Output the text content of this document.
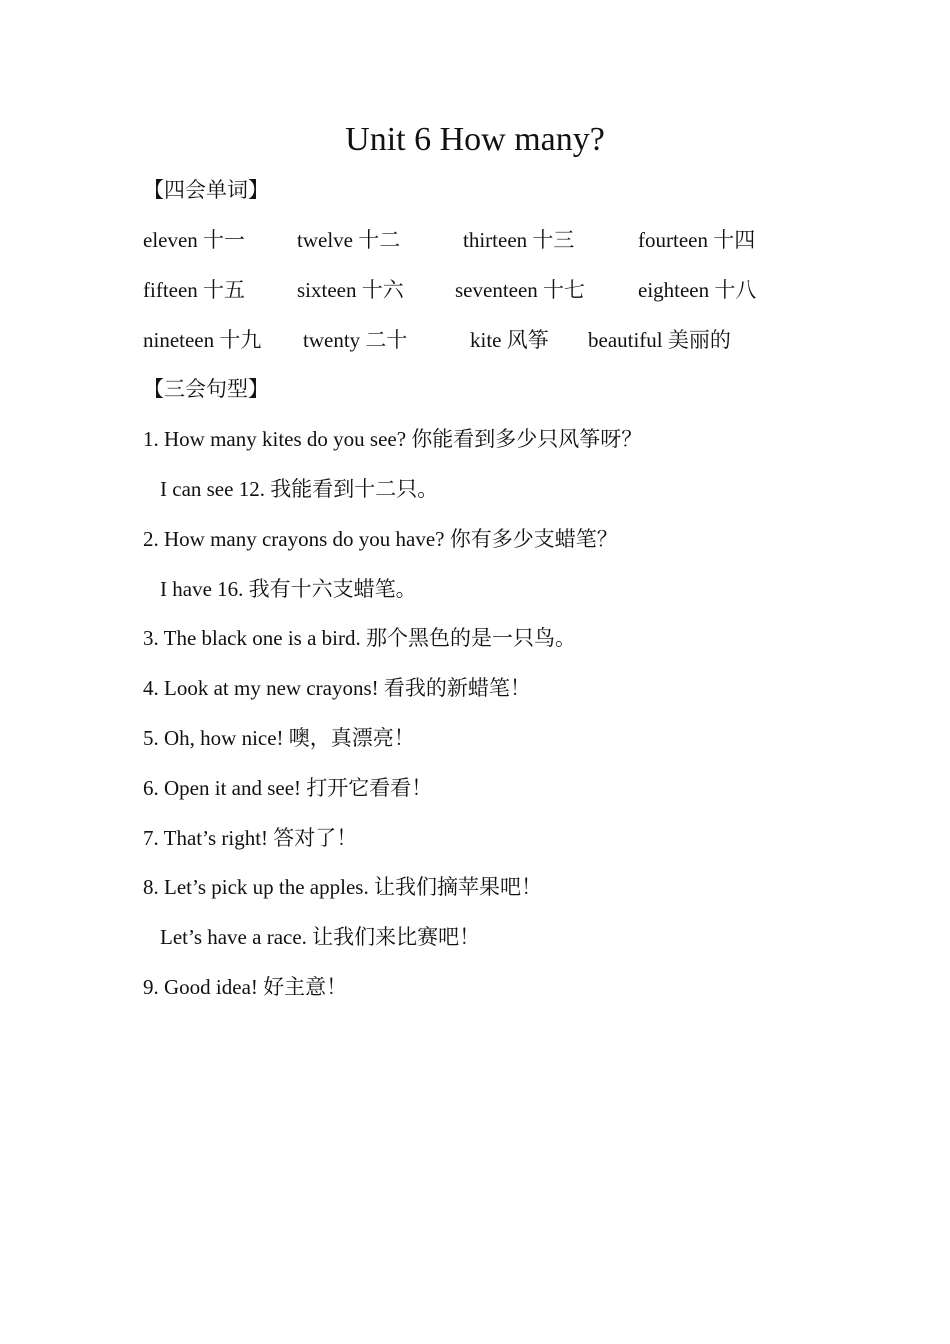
Unit 6 How many?
【四会单词】
eleven 十一 twelve 十二	thirteen 十三	fourteen 十四
fifteen 十五 sixteen 十六 seventeen 十七	eighteen 十八
nineteen 十九 twenty 二十	kite 风筝 beautiful 美丽的
【三会句型】
1. How many kites do you see? 你能看到多少只风筝呀？
I can see 12. 我能看到十二只。
2. How many crayons do you have? 你有多少支蜡笔？
I have 16. 我有十六支蜡笔。
3. The black one is a bird. 那个黑色的是一只鸟。
4. Look at my new crayons! 看我的新蜡笔！
5. Oh, how nice! 噢，真漂亮！
6. Open it and see! 打开它看看！
7. That’s right! 答对了！
8. Let’s pick up the apples. 让我们摘苹果吧！
Let’s have a race. 让我们来比赛吧！
9. Good idea! 好主意！
